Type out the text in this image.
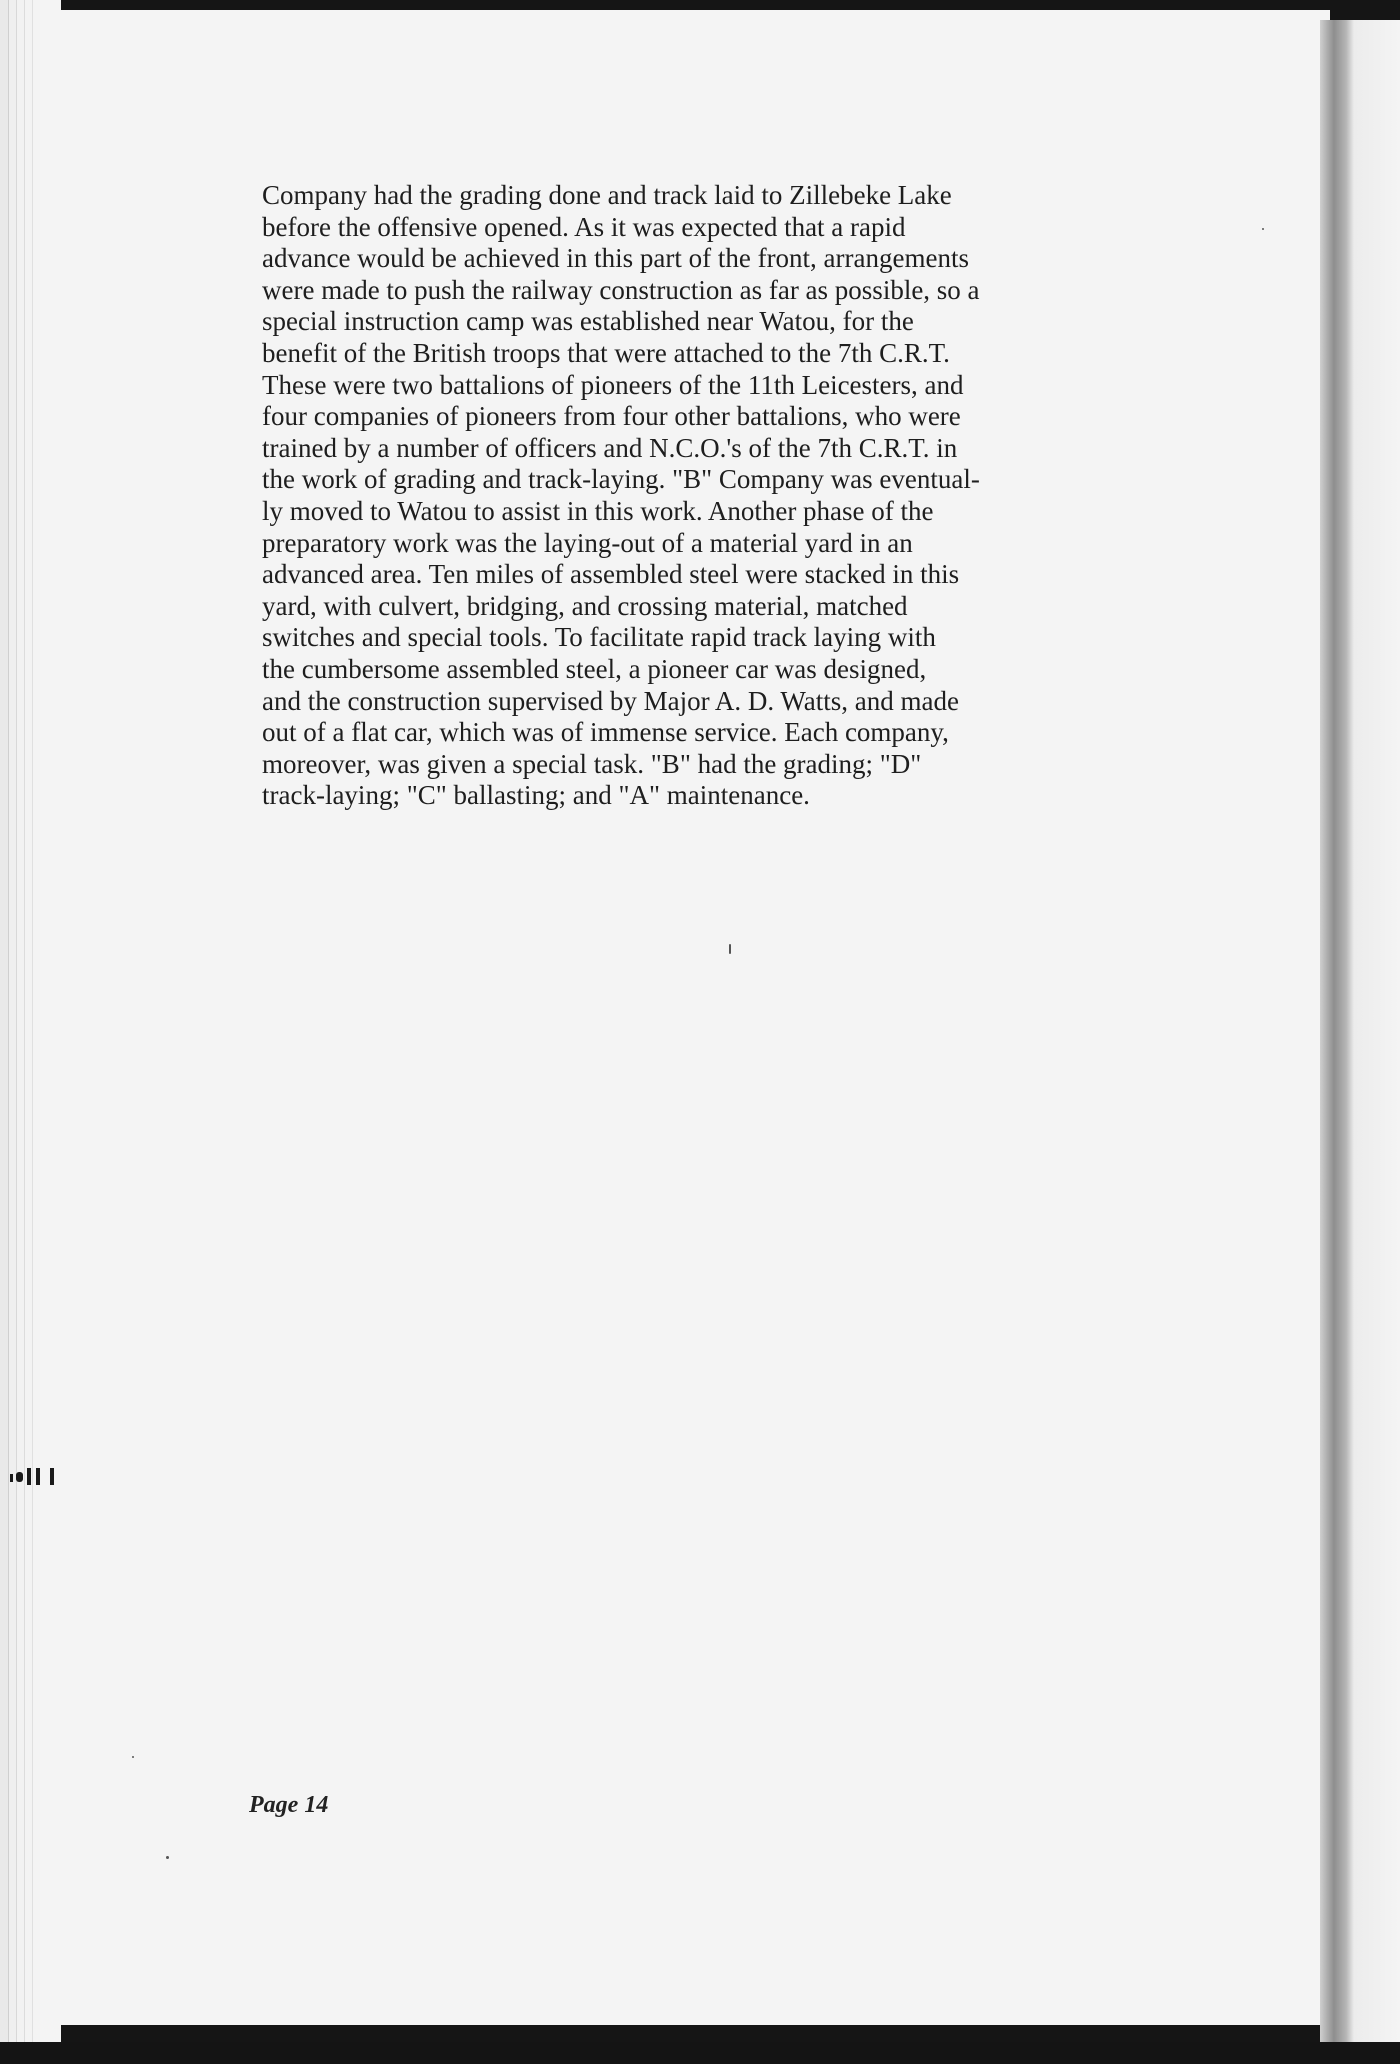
Company had the grading done and track laid to Zillebeke Lake
before the offensive opened. As it was expected that a rapid
advance would be achieved in this part of the front, arrangements
were made to push the railway construction as far as possible, so a
special instruction camp was established near Watou, for the
benefit of the British troops that were attached to the 7th C.R.T.
These were two battalions of pioneers of the 11th Leicesters, and
four companies of pioneers from four other battalions, who were
trained by a number of officers and N.C.O.'s of the 7th C.R.T. in
the work of grading and track-laying. "B" Company was eventual-
ly moved to Watou to assist in this work. Another phase of the
preparatory work was the laying-out of a material yard in an
advanced area. Ten miles of assembled steel were stacked in this
yard, with culvert, bridging, and crossing material, matched
switches and special tools. To facilitate rapid track laying with
the cumbersome assembled steel, a pioneer car was designed,
and the construction supervised by Major A. D. Watts, and made
out of a flat car, which was of immense service. Each company,
moreover, was given a special task. "B" had the grading; "D"
track-laying; "C" ballasting; and "A" maintenance.

Page 14
